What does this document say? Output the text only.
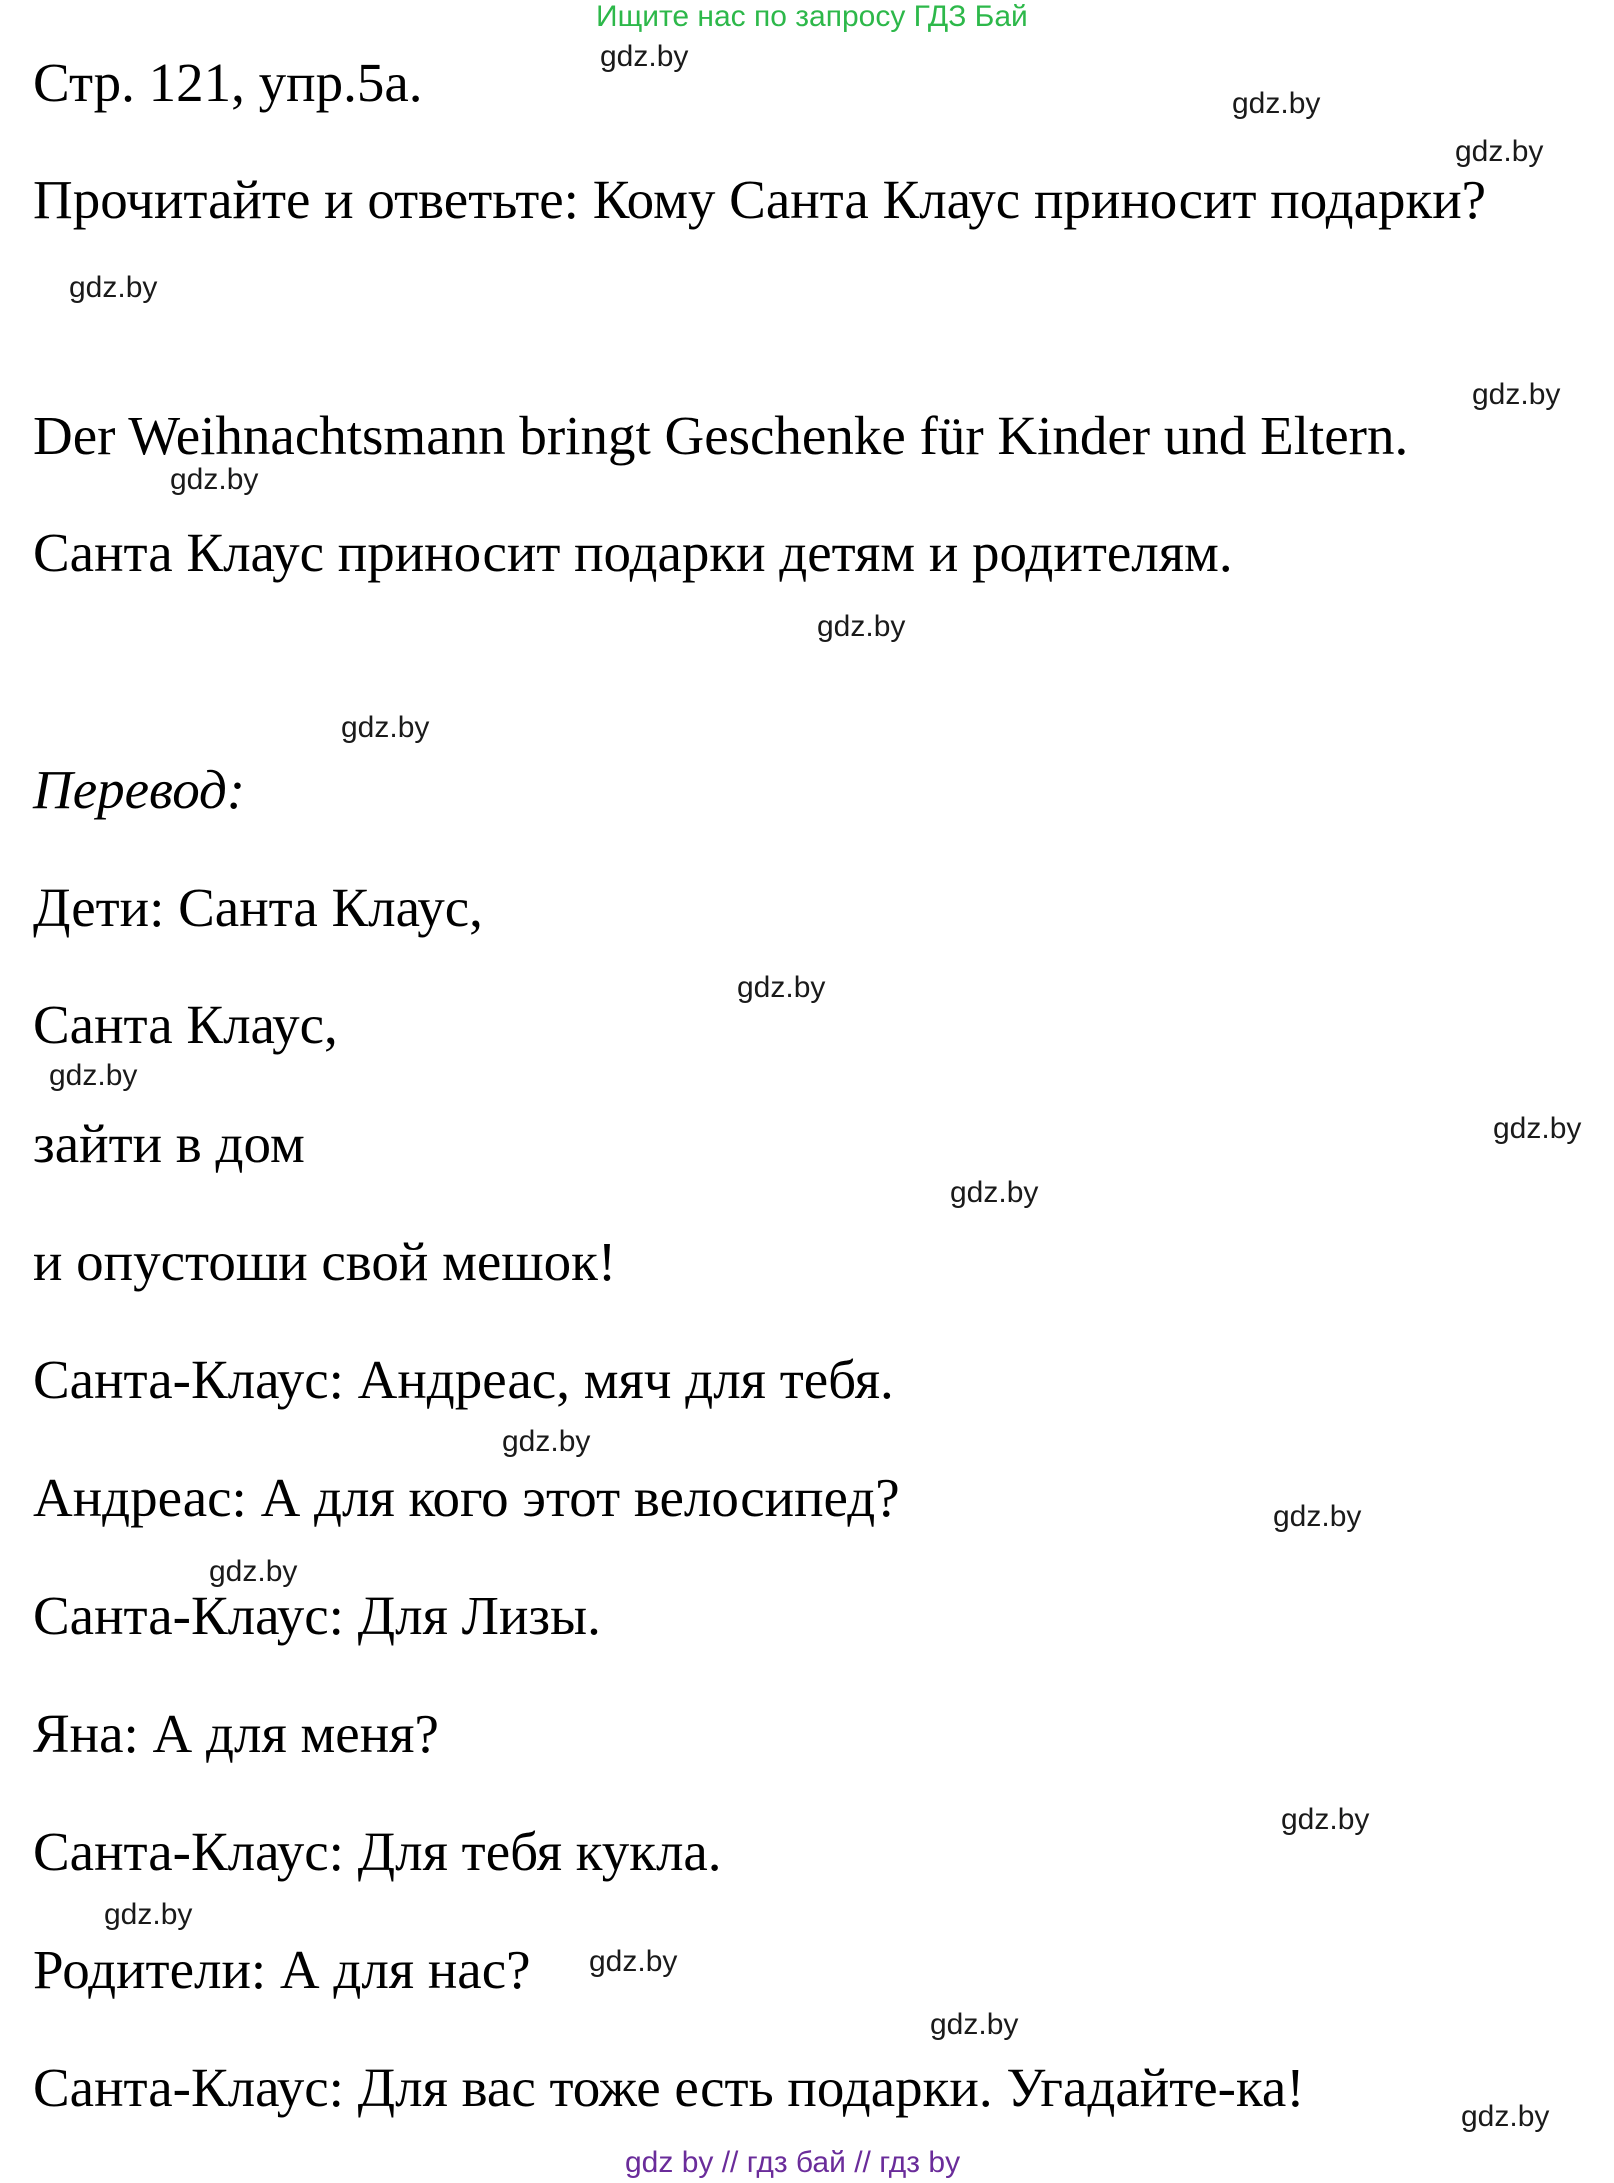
Ищите нас по запросу ГДЗ Бай
Стр. 121, упр.5а.
Прочитайте и ответьте: Кому Санта Клаус приносит подарки?
Der Weihnachtsmann bringt Geschenke für Kinder und Eltern.
Санта Клаус приносит подарки детям и родителям.
Перевод:
Дети: Санта Клаус,
Санта Клаус,
зайти в дом
и опустоши свой мешок!
Санта-Клаус: Андреас, мяч для тебя.
Андреас: А для кого этот велосипед?
Санта-Клаус: Для Лизы.
Яна: А для меня?
Санта-Клаус: Для тебя кукла.
Родители: А для нас?
Санта-Клаус: Для вас тоже есть подарки. Угадайте-ка!
gdz.by
gdz.by
gdz.by
gdz.by
gdz.by
gdz.by
gdz.by
gdz.by
gdz.by
gdz.by
gdz.by
gdz.by
gdz.by
gdz.by
gdz.by
gdz.by
gdz.by
gdz.by
gdz.by
gdz.by
gdz by // гдз бай // гдз by
